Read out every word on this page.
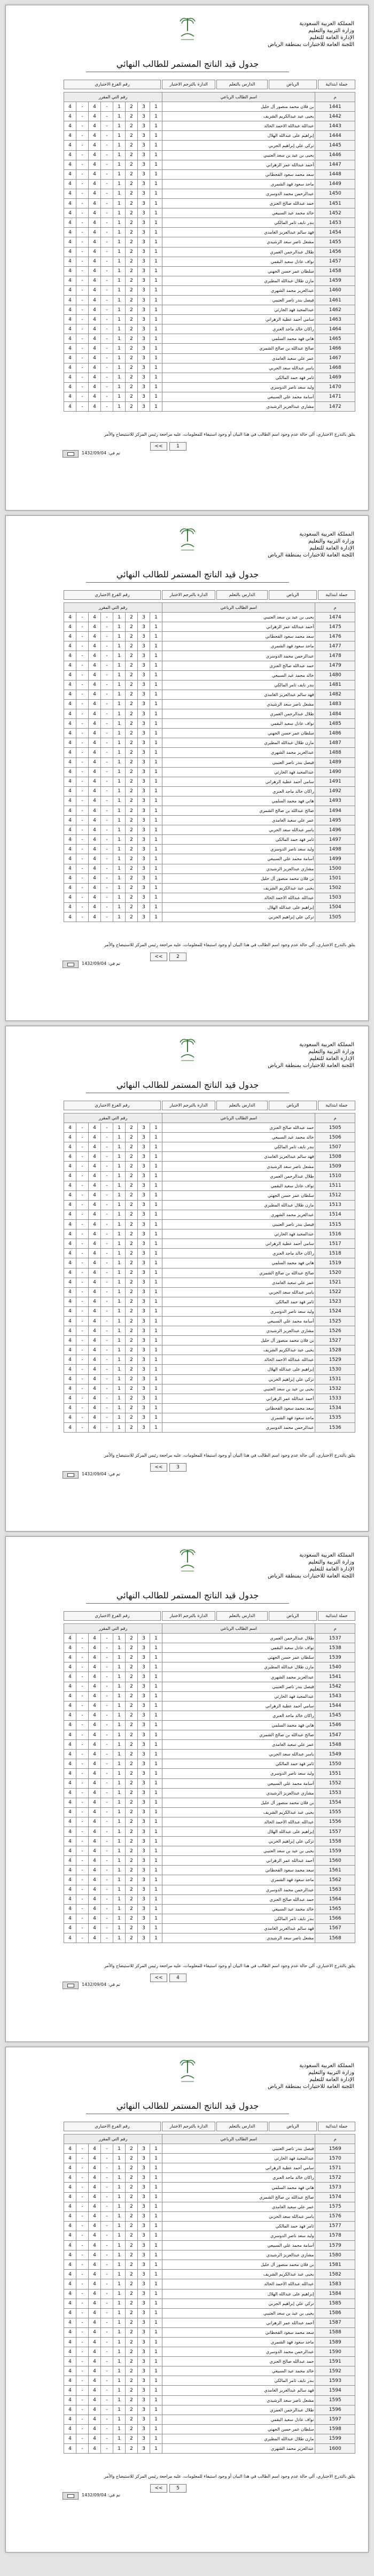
المملكة العربية السعودية
وزارة التربية والتعليم
الإدارة العامة للتعليم
اللجنة العامة للاختبارات بمنطقة الرياض
جدول قيد الناتج المستمر للطالب النهائي
جملة ابتدائية
الرياض
الدارس بالتعلم
الدارة بالترجم الاختبار
رقم الفرع الاختباري
رقم التي المقرر								اسم الطالب الرباعي	م
4	-	4	-	1	2	3	1	بن فلان محمد منصور آل خليل	1441
4	-	4	-	1	2	3	1	يحيى عبد عبدالكريم الشريف	1442
4	-	4	-	1	2	3	1	عبدالله عبدالله الاحمد الخالد	1443
4	-	4	-	1	2	3	1	إبراهيم على عبدالله الهلال	1444
4	-	4	-	1	2	3	1	تركي علي إبراهيم الحربي	1445
4	-	4	-	1	2	3	1	يحيى بن عيد بن سعد العتيبي	1446
4	-	4	-	1	2	3	1	أحمد عبدالله عمر الزهراني	1447
4	-	4	-	1	2	3	1	سعد محمد سعود القحطاني	1448
4	-	4	-	1	2	3	1	ماجد سعود فهد الشمري	1449
4	-	4	-	1	2	3	1	عبدالرحمن محمد الدوسري	1450
4	-	4	-	1	2	3	1	حمد عبدالله صالح العنزي	1451
4	-	4	-	1	2	3	1	خالد محمد عيد السبيعي	1452
4	-	4	-	1	2	3	1	بندر نايف ثامر المالكي	1453
4	-	4	-	1	2	3	1	فهد سالم عبدالعزيز الغامدي	1454
4	-	4	-	1	2	3	1	مشعل ناصر سعد الرشيدي	1455
4	-	4	-	1	2	3	1	طلال عبدالرحمن العمري	1456
4	-	4	-	1	2	3	1	نواف عادل سعيد البقمي	1457
4	-	4	-	1	2	3	1	سلطان عمر حسن الجهني	1458
4	-	4	-	1	2	3	1	مازن طلال عبدالله المطيري	1459
4	-	4	-	1	2	3	1	عبدالعزيز محمد الشهري	1460
4	-	4	-	1	2	3	1	فيصل بندر ناصر العتيبي	1461
4	-	4	-	1	2	3	1	عبدالمجيد فهد الحارثي	1462
4	-	4	-	1	2	3	1	سامي أحمد عطية الزهراني	1463
4	-	4	-	1	2	3	1	راكان خالد ماجد العنزي	1464
4	-	4	-	1	2	3	1	هاني فهد محمد السلمي	1465
4	-	4	-	1	2	3	1	صالح عبدالله بن صالح الشمري	1466
4	-	4	-	1	2	3	1	عمر علي سعيد الغامدي	1467
4	-	4	-	1	2	3	1	ياسر عبدالله سعد الحربي	1468
4	-	4	-	1	2	3	1	ثامر فهد حمد المالكي	1469
4	-	4	-	1	2	3	1	وليد سعد ناصر الدوسري	1470
4	-	4	-	1	2	3	1	أسامة محمد علي السبيعي	1471
4	-	4	-	1	2	3	1	مشاري عبدالعزيز الرشيدي	1472
يتلق بالتدرج الاختباري، ألي حالة عدم وجود اسم الطالب في هذا البيان أو وجود استيفاء للمعلومات، عليه مراجعة رئيس المركز للاستيضاح والأمر
<<	1
تم في: 1432/09/04
المملكة العربية السعودية
وزارة التربية والتعليم
الإدارة العامة للتعليم
اللجنة العامة للاختبارات بمنطقة الرياض
جدول قيد الناتج المستمر للطالب النهائي
جملة ابتدائية
الرياض
الدارس بالتعلم
الدارة بالترجم الاختبار
رقم الفرع الاختباري
رقم التي المقرر								اسم الطالب الرباعي	م
4	-	4	-	1	2	3	1	يحيى بن عيد بن سعد العتيبي	1474
4	-	4	-	1	2	3	1	أحمد عبدالله عمر الزهراني	1475
4	-	4	-	1	2	3	1	سعد محمد سعود القحطاني	1476
4	-	4	-	1	2	3	1	ماجد سعود فهد الشمري	1477
4	-	4	-	1	2	3	1	عبدالرحمن محمد الدوسري	1478
4	-	4	-	1	2	3	1	حمد عبدالله صالح العنزي	1479
4	-	4	-	1	2	3	1	خالد محمد عيد السبيعي	1480
4	-	4	-	1	2	3	1	بندر نايف ثامر المالكي	1481
4	-	4	-	1	2	3	1	فهد سالم عبدالعزيز الغامدي	1482
4	-	4	-	1	2	3	1	مشعل ناصر سعد الرشيدي	1483
4	-	4	-	1	2	3	1	طلال عبدالرحمن العمري	1484
4	-	4	-	1	2	3	1	نواف عادل سعيد البقمي	1485
4	-	4	-	1	2	3	1	سلطان عمر حسن الجهني	1486
4	-	4	-	1	2	3	1	مازن طلال عبدالله المطيري	1487
4	-	4	-	1	2	3	1	عبدالعزيز محمد الشهري	1488
4	-	4	-	1	2	3	1	فيصل بندر ناصر العتيبي	1489
4	-	4	-	1	2	3	1	عبدالمجيد فهد الحارثي	1490
4	-	4	-	1	2	3	1	سامي أحمد عطية الزهراني	1491
4	-	4	-	1	2	3	1	راكان خالد ماجد العنزي	1492
4	-	4	-	1	2	3	1	هاني فهد محمد السلمي	1493
4	-	4	-	1	2	3	1	صالح عبدالله بن صالح الشمري	1494
4	-	4	-	1	2	3	1	عمر علي سعيد الغامدي	1495
4	-	4	-	1	2	3	1	ياسر عبدالله سعد الحربي	1496
4	-	4	-	1	2	3	1	ثامر فهد حمد المالكي	1497
4	-	4	-	1	2	3	1	وليد سعد ناصر الدوسري	1498
4	-	4	-	1	2	3	1	أسامة محمد علي السبيعي	1499
4	-	4	-	1	2	3	1	مشاري عبدالعزيز الرشيدي	1500
4	-	4	-	1	2	3	1	بن فلان محمد منصور آل خليل	1501
4	-	4	-	1	2	3	1	يحيى عبد عبدالكريم الشريف	1502
4	-	4	-	1	2	3	1	عبدالله عبدالله الاحمد الخالد	1503
4	-	4	-	1	2	3	1	إبراهيم على عبدالله الهلال	1504
4	-	4	-	1	2	3	1	تركي علي إبراهيم الحربي	1505
يتلق بالتدرج الاختباري، ألي حالة عدم وجود اسم الطالب في هذا البيان أو وجود استيفاء للمعلومات، عليه مراجعة رئيس المركز للاستيضاح والأمر
<<	2
تم في: 1432/09/04
المملكة العربية السعودية
وزارة التربية والتعليم
الإدارة العامة للتعليم
اللجنة العامة للاختبارات بمنطقة الرياض
جدول قيد الناتج المستمر للطالب النهائي
جملة ابتدائية
الرياض
الدارس بالتعلم
الدارة بالترجم الاختبار
رقم الفرع الاختباري
رقم التي المقرر								اسم الطالب الرباعي	م
4	-	4	-	1	2	3	1	حمد عبدالله صالح العنزي	1505
4	-	4	-	1	2	3	1	خالد محمد عيد السبيعي	1506
4	-	4	-	1	2	3	1	بندر نايف ثامر المالكي	1507
4	-	4	-	1	2	3	1	فهد سالم عبدالعزيز الغامدي	1508
4	-	4	-	1	2	3	1	مشعل ناصر سعد الرشيدي	1509
4	-	4	-	1	2	3	1	طلال عبدالرحمن العمري	1510
4	-	4	-	1	2	3	1	نواف عادل سعيد البقمي	1511
4	-	4	-	1	2	3	1	سلطان عمر حسن الجهني	1512
4	-	4	-	1	2	3	1	مازن طلال عبدالله المطيري	1513
4	-	4	-	1	2	3	1	عبدالعزيز محمد الشهري	1514
4	-	4	-	1	2	3	1	فيصل بندر ناصر العتيبي	1515
4	-	4	-	1	2	3	1	عبدالمجيد فهد الحارثي	1516
4	-	4	-	1	2	3	1	سامي أحمد عطية الزهراني	1517
4	-	4	-	1	2	3	1	راكان خالد ماجد العنزي	1518
4	-	4	-	1	2	3	1	هاني فهد محمد السلمي	1519
4	-	4	-	1	2	3	1	صالح عبدالله بن صالح الشمري	1520
4	-	4	-	1	2	3	1	عمر علي سعيد الغامدي	1521
4	-	4	-	1	2	3	1	ياسر عبدالله سعد الحربي	1522
4	-	4	-	1	2	3	1	ثامر فهد حمد المالكي	1523
4	-	4	-	1	2	3	1	وليد سعد ناصر الدوسري	1524
4	-	4	-	1	2	3	1	أسامة محمد علي السبيعي	1525
4	-	4	-	1	2	3	1	مشاري عبدالعزيز الرشيدي	1526
4	-	4	-	1	2	3	1	بن فلان محمد منصور آل خليل	1527
4	-	4	-	1	2	3	1	يحيى عبد عبدالكريم الشريف	1528
4	-	4	-	1	2	3	1	عبدالله عبدالله الاحمد الخالد	1529
4	-	4	-	1	2	3	1	إبراهيم على عبدالله الهلال	1530
4	-	4	-	1	2	3	1	تركي علي إبراهيم الحربي	1531
4	-	4	-	1	2	3	1	يحيى بن عيد بن سعد العتيبي	1532
4	-	4	-	1	2	3	1	أحمد عبدالله عمر الزهراني	1533
4	-	4	-	1	2	3	1	سعد محمد سعود القحطاني	1534
4	-	4	-	1	2	3	1	ماجد سعود فهد الشمري	1535
4	-	4	-	1	2	3	1	عبدالرحمن محمد الدوسري	1536
يتلق بالتدرج الاختباري، ألي حالة عدم وجود اسم الطالب في هذا البيان أو وجود استيفاء للمعلومات، عليه مراجعة رئيس المركز للاستيضاح والأمر
<<	3
تم في: 1432/09/04
المملكة العربية السعودية
وزارة التربية والتعليم
الإدارة العامة للتعليم
اللجنة العامة للاختبارات بمنطقة الرياض
جدول قيد الناتج المستمر للطالب النهائي
جملة ابتدائية
الرياض
الدارس بالتعلم
الدارة بالترجم الاختبار
رقم الفرع الاختباري
رقم التي المقرر								اسم الطالب الرباعي	م
4	-	4	-	1	2	3	1	طلال عبدالرحمن العمري	1537
4	-	4	-	1	2	3	1	نواف عادل سعيد البقمي	1538
4	-	4	-	1	2	3	1	سلطان عمر حسن الجهني	1539
4	-	4	-	1	2	3	1	مازن طلال عبدالله المطيري	1540
4	-	4	-	1	2	3	1	عبدالعزيز محمد الشهري	1541
4	-	4	-	1	2	3	1	فيصل بندر ناصر العتيبي	1542
4	-	4	-	1	2	3	1	عبدالمجيد فهد الحارثي	1543
4	-	4	-	1	2	3	1	سامي أحمد عطية الزهراني	1544
4	-	4	-	1	2	3	1	راكان خالد ماجد العنزي	1545
4	-	4	-	1	2	3	1	هاني فهد محمد السلمي	1546
4	-	4	-	1	2	3	1	صالح عبدالله بن صالح الشمري	1547
4	-	4	-	1	2	3	1	عمر علي سعيد الغامدي	1548
4	-	4	-	1	2	3	1	ياسر عبدالله سعد الحربي	1549
4	-	4	-	1	2	3	1	ثامر فهد حمد المالكي	1550
4	-	4	-	1	2	3	1	وليد سعد ناصر الدوسري	1551
4	-	4	-	1	2	3	1	أسامة محمد علي السبيعي	1552
4	-	4	-	1	2	3	1	مشاري عبدالعزيز الرشيدي	1553
4	-	4	-	1	2	3	1	بن فلان محمد منصور آل خليل	1554
4	-	4	-	1	2	3	1	يحيى عبد عبدالكريم الشريف	1555
4	-	4	-	1	2	3	1	عبدالله عبدالله الاحمد الخالد	1556
4	-	4	-	1	2	3	1	إبراهيم على عبدالله الهلال	1557
4	-	4	-	1	2	3	1	تركي علي إبراهيم الحربي	1558
4	-	4	-	1	2	3	1	يحيى بن عيد بن سعد العتيبي	1559
4	-	4	-	1	2	3	1	أحمد عبدالله عمر الزهراني	1560
4	-	4	-	1	2	3	1	سعد محمد سعود القحطاني	1561
4	-	4	-	1	2	3	1	ماجد سعود فهد الشمري	1562
4	-	4	-	1	2	3	1	عبدالرحمن محمد الدوسري	1563
4	-	4	-	1	2	3	1	حمد عبدالله صالح العنزي	1564
4	-	4	-	1	2	3	1	خالد محمد عيد السبيعي	1565
4	-	4	-	1	2	3	1	بندر نايف ثامر المالكي	1566
4	-	4	-	1	2	3	1	فهد سالم عبدالعزيز الغامدي	1567
4	-	4	-	1	2	3	1	مشعل ناصر سعد الرشيدي	1568
يتلق بالتدرج الاختباري، ألي حالة عدم وجود اسم الطالب في هذا البيان أو وجود استيفاء للمعلومات، عليه مراجعة رئيس المركز للاستيضاح والأمر
<<	4
تم في: 1432/09/04
المملكة العربية السعودية
وزارة التربية والتعليم
الإدارة العامة للتعليم
اللجنة العامة للاختبارات بمنطقة الرياض
جدول قيد الناتج المستمر للطالب النهائي
جملة ابتدائية
الرياض
الدارس بالتعلم
الدارة بالترجم الاختبار
رقم الفرع الاختباري
رقم التي المقرر								اسم الطالب الرباعي	م
4	-	4	-	1	2	3	1	فيصل بندر ناصر العتيبي	1569
4	-	4	-	1	2	3	1	عبدالمجيد فهد الحارثي	1570
4	-	4	-	1	2	3	1	سامي أحمد عطية الزهراني	1571
4	-	4	-	1	2	3	1	راكان خالد ماجد العنزي	1572
4	-	4	-	1	2	3	1	هاني فهد محمد السلمي	1573
4	-	4	-	1	2	3	1	صالح عبدالله بن صالح الشمري	1574
4	-	4	-	1	2	3	1	عمر علي سعيد الغامدي	1575
4	-	4	-	1	2	3	1	ياسر عبدالله سعد الحربي	1576
4	-	4	-	1	2	3	1	ثامر فهد حمد المالكي	1577
4	-	4	-	1	2	3	1	وليد سعد ناصر الدوسري	1578
4	-	4	-	1	2	3	1	أسامة محمد علي السبيعي	1579
4	-	4	-	1	2	3	1	مشاري عبدالعزيز الرشيدي	1580
4	-	4	-	1	2	3	1	بن فلان محمد منصور آل خليل	1581
4	-	4	-	1	2	3	1	يحيى عبد عبدالكريم الشريف	1582
4	-	4	-	1	2	3	1	عبدالله عبدالله الاحمد الخالد	1583
4	-	4	-	1	2	3	1	إبراهيم على عبدالله الهلال	1584
4	-	4	-	1	2	3	1	تركي علي إبراهيم الحربي	1585
4	-	4	-	1	2	3	1	يحيى بن عيد بن سعد العتيبي	1586
4	-	4	-	1	2	3	1	أحمد عبدالله عمر الزهراني	1587
4	-	4	-	1	2	3	1	سعد محمد سعود القحطاني	1588
4	-	4	-	1	2	3	1	ماجد سعود فهد الشمري	1589
4	-	4	-	1	2	3	1	عبدالرحمن محمد الدوسري	1590
4	-	4	-	1	2	3	1	حمد عبدالله صالح العنزي	1591
4	-	4	-	1	2	3	1	خالد محمد عيد السبيعي	1592
4	-	4	-	1	2	3	1	بندر نايف ثامر المالكي	1593
4	-	4	-	1	2	3	1	فهد سالم عبدالعزيز الغامدي	1594
4	-	4	-	1	2	3	1	مشعل ناصر سعد الرشيدي	1595
4	-	4	-	1	2	3	1	طلال عبدالرحمن العمري	1596
4	-	4	-	1	2	3	1	نواف عادل سعيد البقمي	1597
4	-	4	-	1	2	3	1	سلطان عمر حسن الجهني	1598
4	-	4	-	1	2	3	1	مازن طلال عبدالله المطيري	1599
4	-	4	-	1	2	3	1	عبدالعزيز محمد الشهري	1600
يتلق بالتدرج الاختباري، ألي حالة عدم وجود اسم الطالب في هذا البيان أو وجود استيفاء للمعلومات، عليه مراجعة رئيس المركز للاستيضاح والأمر
<<	5
تم في: 1432/09/04
